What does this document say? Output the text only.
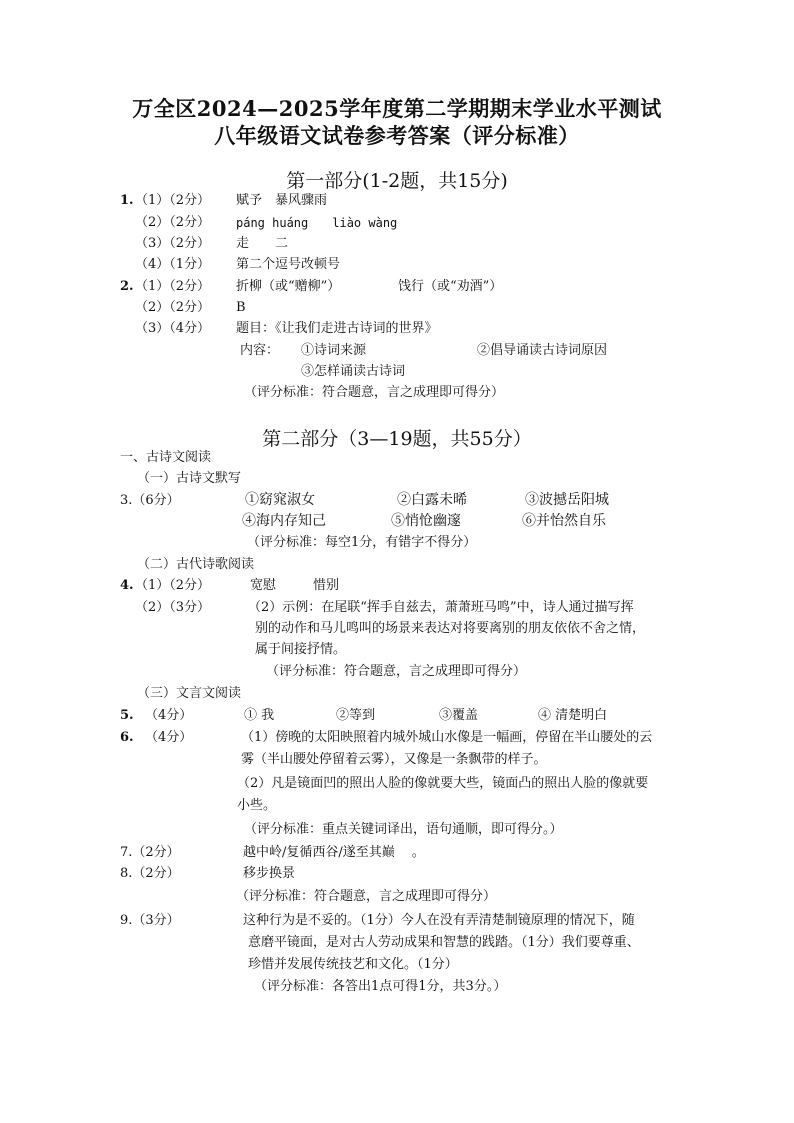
万全区2024—2025学年度第二学期期末学业水平测试
八年级语文试卷参考答案（评分标准）
第一部分(1-2题，共15分)
1. （1）（2分） 赋予　暴风骤雨
（2）（2分） páng huáng　　liào wàng
（3）（2分） 走　　二
（4）（1分） 第二个逗号改顿号
2. （1）（2分） 折柳（或“赠柳”）	饯行（或“劝酒”）
（2）（2分） B
（3）（4分） 题目：《让我们走进古诗词的世界》
内容： ①诗词来源	②倡导诵读古诗词原因
③怎样诵读古诗词
（评分标准：符合题意，言之成理即可得分）
第二部分（3—19题，共55分）
一、古诗文阅读
（一）古诗文默写
3.（6分）	①窈窕淑女	②白露未晞	③波撼岳阳城
④海内存知己	⑤悄怆幽邃	⑥并怡然自乐
（评分标准：每空1分，有错字不得分）
（二）古代诗歌阅读
4. （1）（2分）	宽慰	惜别
（2）（3分）	（2）示例：在尾联“挥手自兹去，萧萧班马鸣”中，诗人通过描写挥
别的动作和马儿鸣叫的场景来表达对将要离别的朋友依依不舍之情，
属于间接抒情。
（评分标准：符合题意，言之成理即可得分）
（三）文言文阅读
5. （4分）	① 我	②等到	③覆盖	④ 清楚明白
6. （4分）	（1）傍晚的太阳映照着内城外城山水像是一幅画，停留在半山腰处的云
雾（半山腰处停留着云雾），又像是一条飘带的样子。
（2）凡是镜面凹的照出人脸的像就要大些，镜面凸的照出人脸的像就要
小些。
（评分标准：重点关键词译出，语句通顺，即可得分。）
7.（2分）	越中岭/复循西谷/遂至其巅　 。
8.（2分）	移步换景
（评分标准：符合题意，言之成理即可得分）
9.（3分）	这种行为是不妥的。（1分）今人在没有弄清楚制镜原理的情况下，随
意磨平镜面，是对古人劳动成果和智慧的践踏。（1分）我们要尊重、
珍惜并发展传统技艺和文化。（1分）
（评分标准：各答出1点可得1分，共3分。）
